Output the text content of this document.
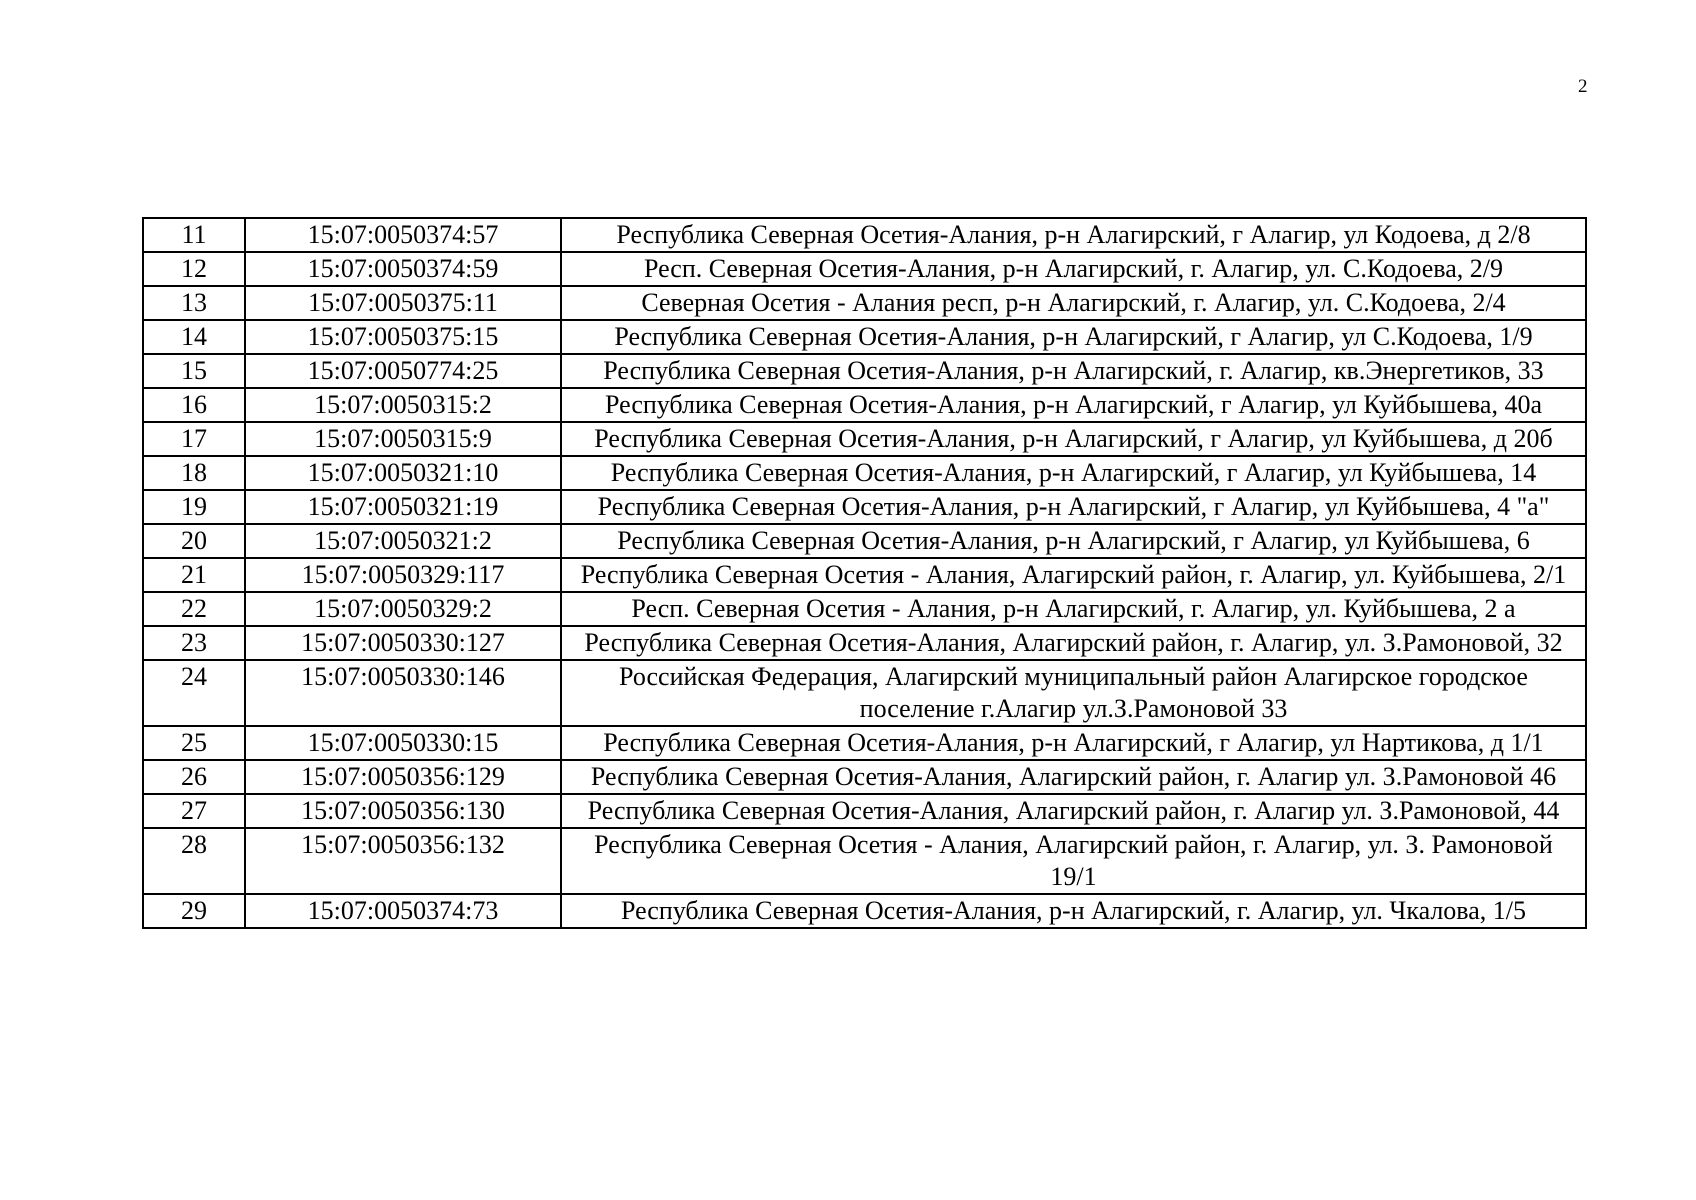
2
11	15:07:0050374:57	Республика Северная Осетия-Алания, р-н Алагирский, г Алагир, ул Кодоева, д 2/8
12	15:07:0050374:59	Респ. Северная Осетия-Алания, р-н Алагирский, г. Алагир, ул. С.Кодоева, 2/9
13	15:07:0050375:11	Северная Осетия - Алания респ, р-н Алагирский, г. Алагир, ул. С.Кодоева, 2/4
14	15:07:0050375:15	Республика Северная Осетия-Алания, р-н Алагирский, г Алагир, ул С.Кодоева, 1/9
15	15:07:0050774:25	Республика Северная Осетия-Алания, р-н Алагирский, г. Алагир, кв.Энергетиков, 33
16	15:07:0050315:2	Республика Северная Осетия-Алания, р-н Алагирский, г Алагир, ул Куйбышева, 40а
17	15:07:0050315:9	Республика Северная Осетия-Алания, р-н Алагирский, г Алагир, ул Куйбышева, д 20б
18	15:07:0050321:10	Республика Северная Осетия-Алания, р-н Алагирский, г Алагир, ул Куйбышева, 14
19	15:07:0050321:19	Республика Северная Осетия-Алания, р-н Алагирский, г Алагир, ул Куйбышева, 4 "а"
20	15:07:0050321:2	Республика Северная Осетия-Алания, р-н Алагирский, г Алагир, ул Куйбышева, 6
21	15:07:0050329:117	Республика Северная Осетия - Алания, Алагирский район, г. Алагир, ул. Куйбышева, 2/1
22	15:07:0050329:2	Респ. Северная Осетия - Алания, р-н Алагирский, г. Алагир, ул. Куйбышева, 2 а
23	15:07:0050330:127	Республика Северная Осетия-Алания, Алагирский район, г. Алагир, ул. З.Рамоновой, 32
24	15:07:0050330:146	Российская Федерация, Алагирский муниципальный район Алагирское городское поселение г.Алагир ул.З.Рамоновой 33
25	15:07:0050330:15	Республика Северная Осетия-Алания, р-н Алагирский, г Алагир, ул Нартикова, д 1/1
26	15:07:0050356:129	Республика Северная Осетия-Алания, Алагирский район, г. Алагир ул. З.Рамоновой 46
27	15:07:0050356:130	Республика Северная Осетия-Алания, Алагирский район, г. Алагир ул. З.Рамоновой, 44
28	15:07:0050356:132	Республика Северная Осетия - Алания, Алагирский район, г. Алагир, ул. З. Рамоновой 19/1
29	15:07:0050374:73	Республика Северная Осетия-Алания, р-н Алагирский, г. Алагир, ул. Чкалова, 1/5
